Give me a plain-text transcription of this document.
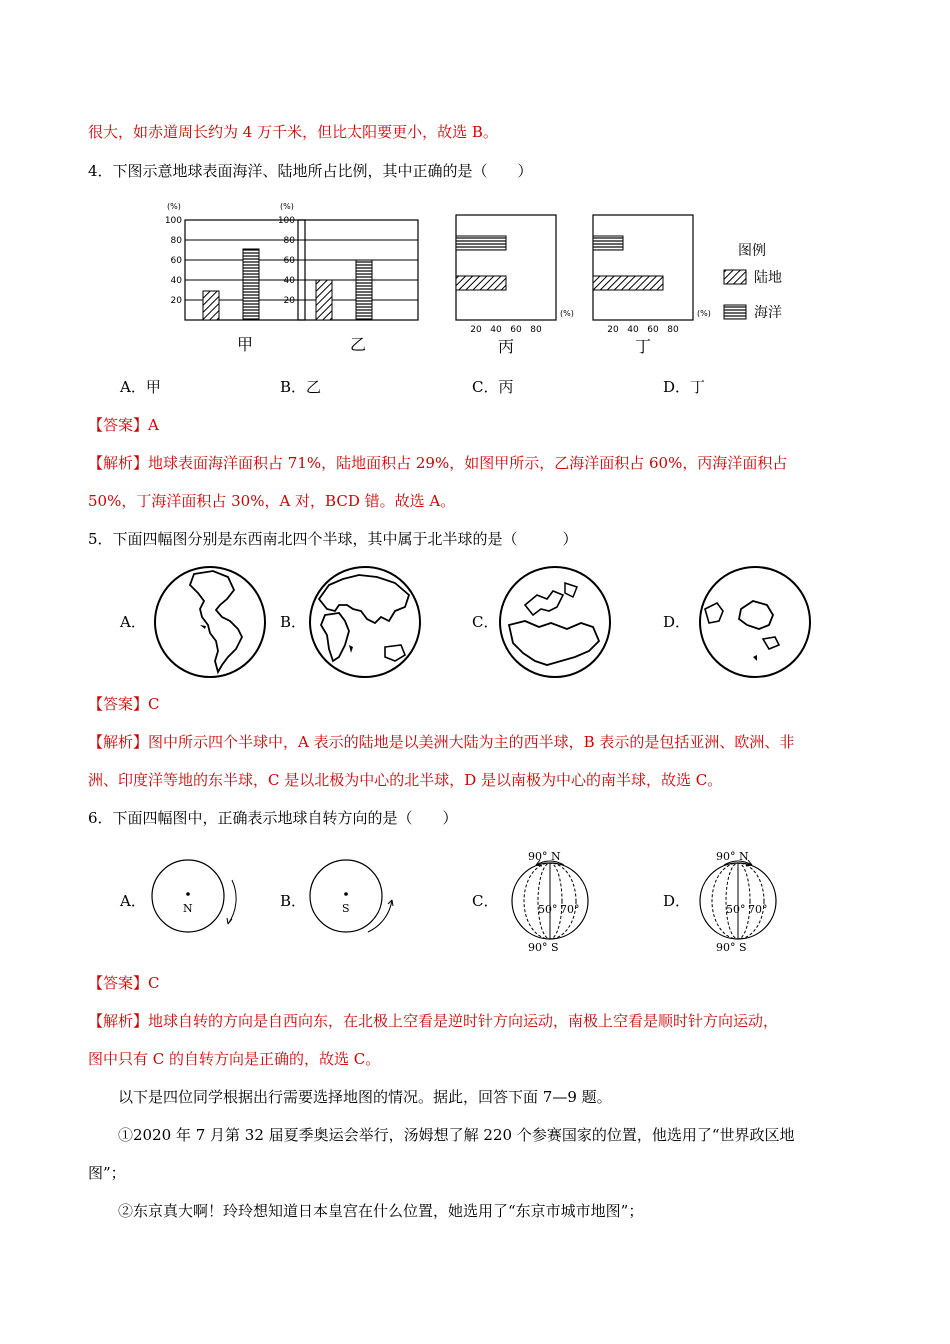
很大，如赤道周长约为 4 万千米，但比太阳要更小，故选 B。
4．下图示意地球表面海洋、陆地所占比例，其中正确的是（　　）
(%)
20
40
60
80
100
甲
(%)
20
40
60
80
100
乙
20 40 60 80
(%)
丙
20 40 60 80
(%)
丁
图例
陆地
海洋
A．甲	B．乙	C．丙	D．丁
【答案】A
【解析】地球表面海洋面积占 71%，陆地面积占 29%，如图甲所示，乙海洋面积占 60%，丙海洋面积占
50%，丁海洋面积占 30%，A 对，BCD 错。故选 A。
5．下面四幅图分别是东西南北四个半球，其中属于北半球的是（　　　）
A．	B．	C．	D．
【答案】C
【解析】图中所示四个半球中，A 表示的陆地是以美洲大陆为主的西半球，B 表示的是包括亚洲、欧洲、非
洲、印度洋等地的东半球，C 是以北极为中心的北半球，D 是以南极为中心的南半球，故选 C。
6．下面四幅图中，正确表示地球自转方向的是（　　）
A．	B．	C．	D．
N	S
90° N
50° 70°
90° S
90° N
50° 70°
90° S
【答案】C
【解析】地球自转的方向是自西向东，在北极上空看是逆时针方向运动，南极上空看是顺时针方向运动，
图中只有 C 的自转方向是正确的，故选 C。
以下是四位同学根据出行需要选择地图的情况。据此，回答下面 7—9 题。
①2020 年 7 月第 32 届夏季奥运会举行，汤姆想了解 220 个参赛国家的位置，他选用了“世界政区地
图”；
②东京真大啊！玲玲想知道日本皇宫在什么位置，她选用了“东京市城市地图”；
